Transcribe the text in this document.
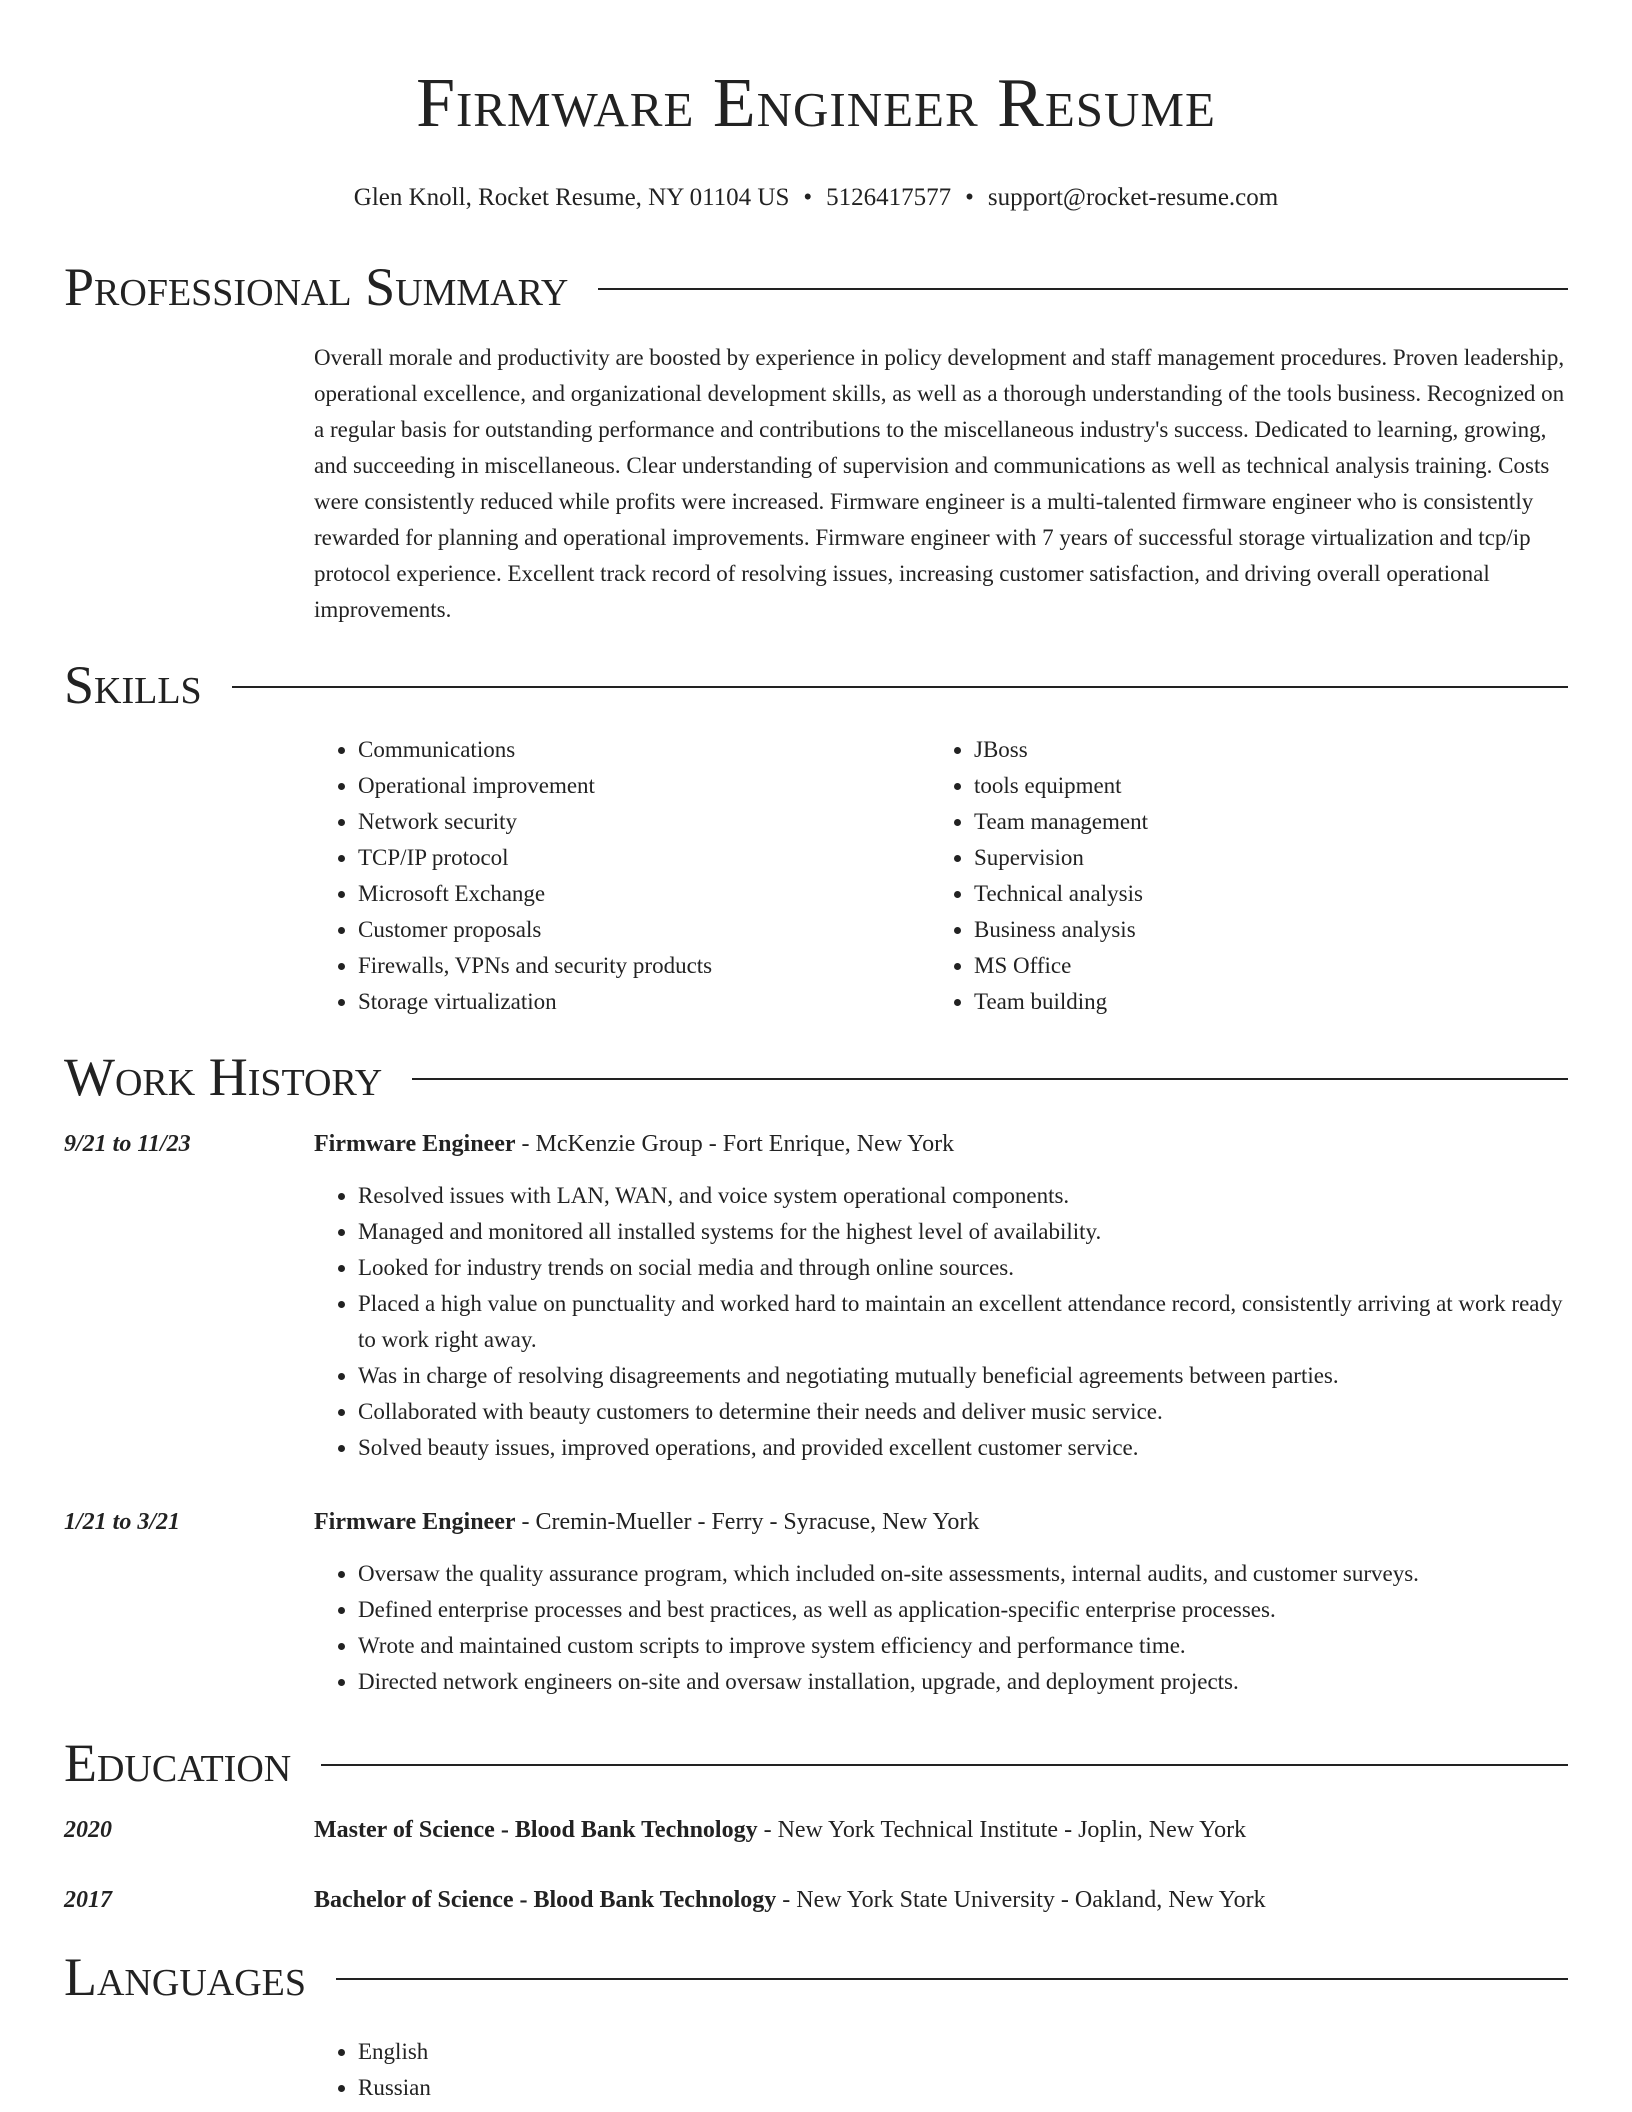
Firmware Engineer Resume
Glen Knoll, Rocket Resume, NY 01104 US • 5126417577 • support@rocket-resume.com
Professional Summary
Overall morale and productivity are boosted by experience in policy development and staff management procedures. Proven leadership, operational excellence, and organizational development skills, as well as a thorough understanding of the tools business. Recognized on a regular basis for outstanding performance and contributions to the miscellaneous industry's success. Dedicated to learning, growing, and succeeding in miscellaneous. Clear understanding of supervision and communications as well as technical analysis training. Costs were consistently reduced while profits were increased. Firmware engineer is a multi-talented firmware engineer who is consistently rewarded for planning and operational improvements. Firmware engineer with 7 years of successful storage virtualization and tcp/ip protocol experience. Excellent track record of resolving issues, increasing customer satisfaction, and driving overall operational improvements.
Skills
• Communications
• Operational improvement
• Network security
• TCP/IP protocol
• Microsoft Exchange
• Customer proposals
• Firewalls, VPNs and security products
• Storage virtualization
• JBoss
• tools equipment
• Team management
• Supervision
• Technical analysis
• Business analysis
• MS Office
• Team building
Work History
9/21 to 11/23	Firmware Engineer - McKenzie Group - Fort Enrique, New York
• Resolved issues with LAN, WAN, and voice system operational components.
• Managed and monitored all installed systems for the highest level of availability.
• Looked for industry trends on social media and through online sources.
• Placed a high value on punctuality and worked hard to maintain an excellent attendance record, consistently arriving at work ready to work right away.
• Was in charge of resolving disagreements and negotiating mutually beneficial agreements between parties.
• Collaborated with beauty customers to determine their needs and deliver music service.
• Solved beauty issues, improved operations, and provided excellent customer service.
1/21 to 3/21	Firmware Engineer - Cremin-Mueller - Ferry - Syracuse, New York
• Oversaw the quality assurance program, which included on-site assessments, internal audits, and customer surveys.
• Defined enterprise processes and best practices, as well as application-specific enterprise processes.
• Wrote and maintained custom scripts to improve system efficiency and performance time.
• Directed network engineers on-site and oversaw installation, upgrade, and deployment projects.
Education
2020	Master of Science - Blood Bank Technology - New York Technical Institute - Joplin, New York
2017	Bachelor of Science - Blood Bank Technology - New York State University - Oakland, New York
Languages
• English
• Russian
